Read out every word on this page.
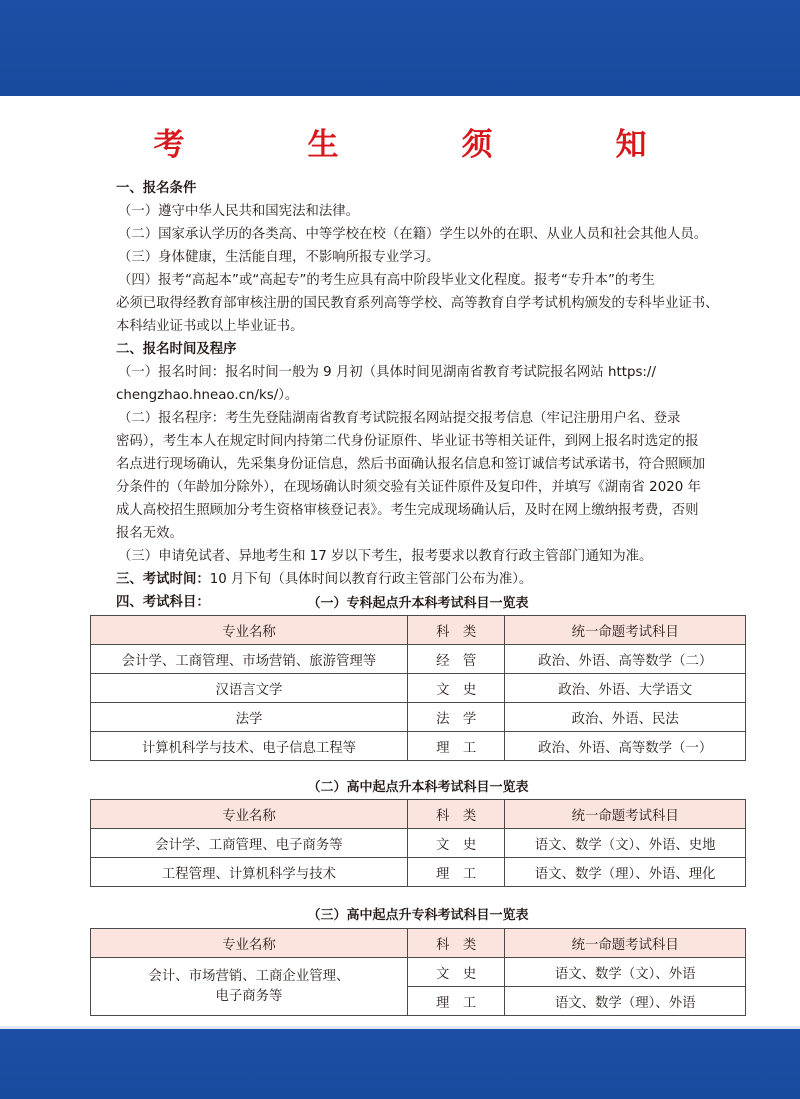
考　生　须　知

一、报名条件

（一）遵守中华人民共和国宪法和法律。

（二）国家承认学历的各类高、中等学校在校（在籍）学生以外的在职、从业人员和社会其他人员。

（三）身体健康，生活能自理，不影响所报专业学习。

（四）报考“高起本”或“高起专”的考生应具有高中阶段毕业文化程度。报考“专升本”的考生

必须已取得经教育部审核注册的国民教育系列高等学校、高等教育自学考试机构颁发的专科毕业证书、

本科结业证书或以上毕业证书。

二、报名时间及程序

（一）报名时间：报名时间一般为 9 月初（具体时间见湖南省教育考试院报名网站 https://

chengzhao.hneao.cn/ks/）。

（二）报名程序：考生先登陆湖南省教育考试院报名网站提交报考信息（牢记注册用户名、登录

密码），考生本人在规定时间内持第二代身份证原件、毕业证书等相关证件，到网上报名时选定的报

名点进行现场确认，先采集身份证信息，然后书面确认报名信息和签订诚信考试承诺书，符合照顾加

分条件的（年龄加分除外），在现场确认时须交验有关证件原件及复印件，并填写《湖南省 2020 年

成人高校招生照顾加分考生资格审核登记表》。考生完成现场确认后，及时在网上缴纳报考费，否则

报名无效。

（三）申请免试者、异地考生和 17 岁以下考生，报考要求以教育行政主管部门通知为准。

三、考试时间：10 月下旬（具体时间以教育行政主管部门公布为准）。

四、考试科目：	（一）专科起点升本科考试科目一览表
专业名称	科　类	统一命题考试科目
会计学、工商管理、市场营销、旅游管理等	经　管	政治、外语、高等数学（二）
汉语言文学	文　史	政治、外语、大学语文
法学	法　学	政治、外语、民法
计算机科学与技术、电子信息工程等	理　工	政治、外语、高等数学（一）
（二）高中起点升本科考试科目一览表
专业名称	科　类	统一命题考试科目
会计学、工商管理、电子商务等	文　史	语文、数学（文）、外语、史地
工程管理、计算机科学与技术	理　工	语文、数学（理）、外语、理化
（三）高中起点升专科考试科目一览表
专业名称	科　类	统一命题考试科目
会计、市场营销、工商企业管理、
电子商务等	文　史	语文、数学（文）、外语
	理　工	语文、数学（理）、外语
